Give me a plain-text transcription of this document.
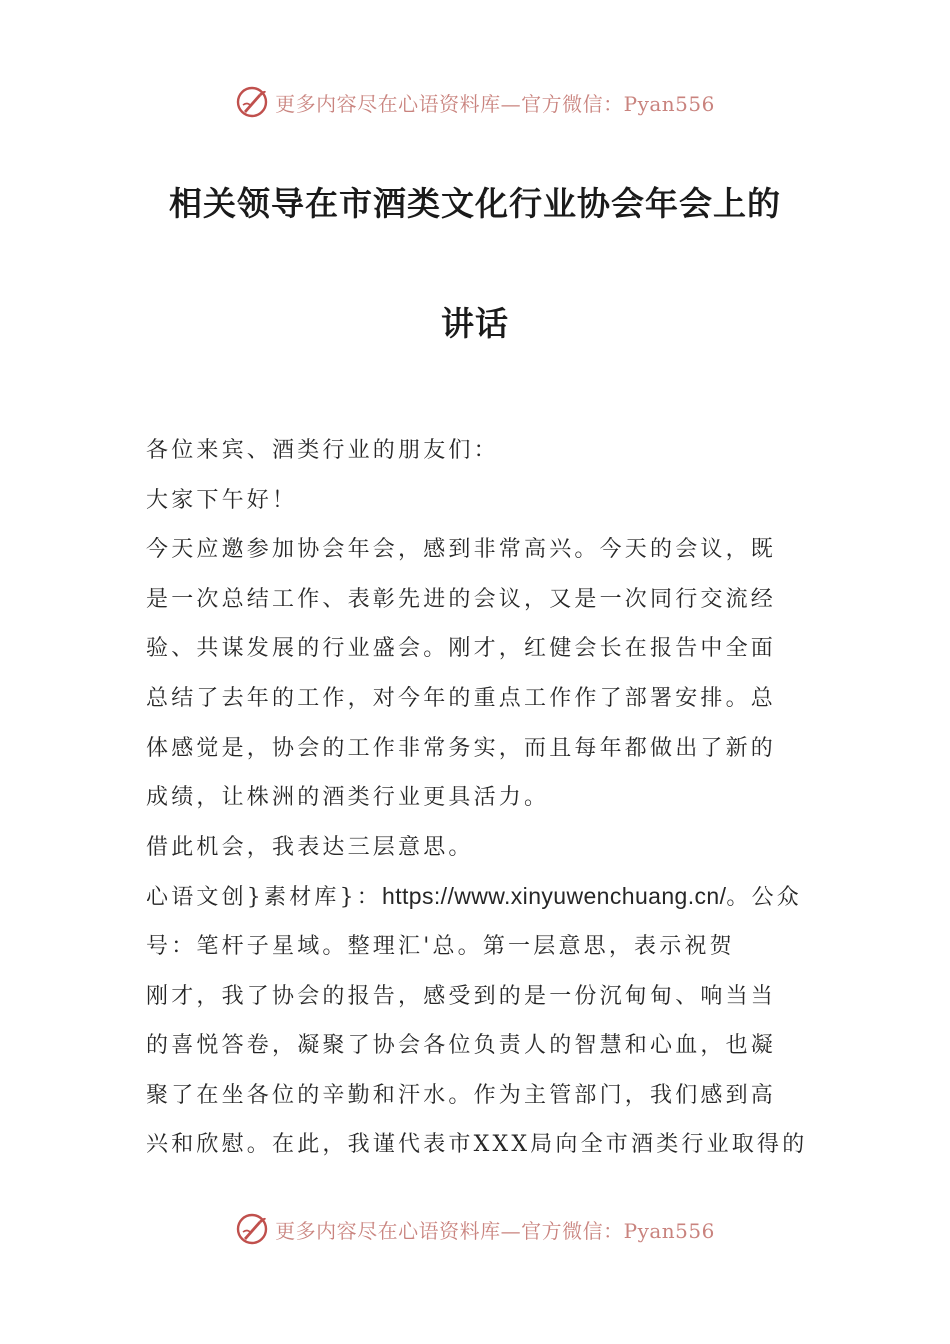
更多内容尽在心语资料库—官方微信：Pyan556
相关领导在市酒类文化行业协会年会上的
讲话
各位来宾、酒类行业的朋友们：
大家下午好！
今天应邀参加协会年会，感到非常高兴。今天的会议，既
是一次总结工作、表彰先进的会议，又是一次同行交流经
验、共谋发展的行业盛会。刚才，红健会长在报告中全面
总结了去年的工作，对今年的重点工作作了部署安排。总
体感觉是，协会的工作非常务实，而且每年都做出了新的
成绩，让株洲的酒类行业更具活力。
借此机会，我表达三层意思。
心语文创}素材库}：https://www.xinyuwenchuang.cn/。公众
号：笔杆子星域。整理汇'总。第一层意思，表示祝贺
刚才，我了协会的报告，感受到的是一份沉甸甸、响当当
的喜悦答卷，凝聚了协会各位负责人的智慧和心血，也凝
聚了在坐各位的辛勤和汗水。作为主管部门，我们感到高
兴和欣慰。在此，我谨代表市XXX局向全市酒类行业取得的
更多内容尽在心语资料库—官方微信：Pyan556
